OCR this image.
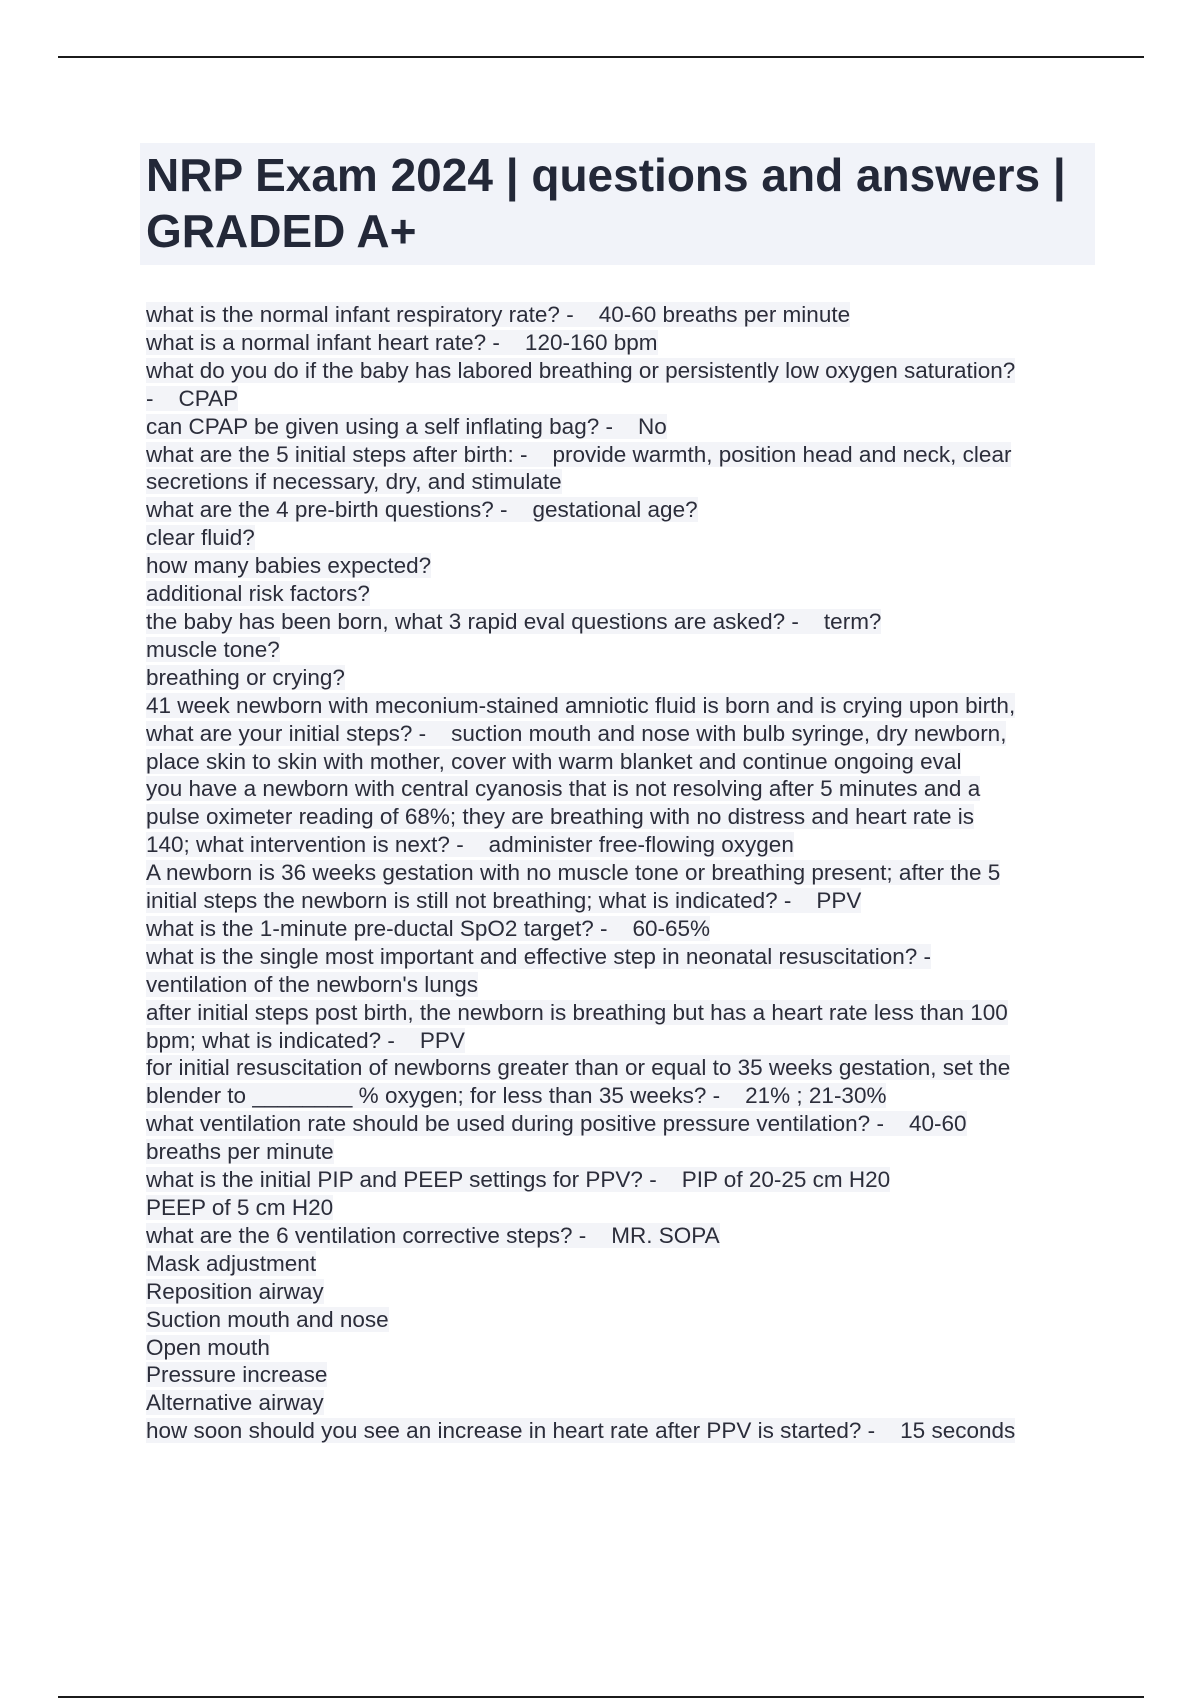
NRP Exam 2024 | questions and answers | GRADED A+
what is the normal infant respiratory rate? -    40-60 breaths per minute
what is a normal infant heart rate? -    120-160 bpm
what do you do if the baby has labored breathing or persistently low oxygen saturation?
-    CPAP
can CPAP be given using a self inflating bag? -    No
what are the 5 initial steps after birth: -    provide warmth, position head and neck, clear
secretions if necessary, dry, and stimulate
what are the 4 pre-birth questions? -    gestational age?
clear fluid?
how many babies expected?
additional risk factors?
the baby has been born, what 3 rapid eval questions are asked? -    term?
muscle tone?
breathing or crying?
41 week newborn with meconium-stained amniotic fluid is born and is crying upon birth,
what are your initial steps? -    suction mouth and nose with bulb syringe, dry newborn,
place skin to skin with mother, cover with warm blanket and continue ongoing eval
you have a newborn with central cyanosis that is not resolving after 5 minutes and a
pulse oximeter reading of 68%; they are breathing with no distress and heart rate is
140; what intervention is next? -    administer free-flowing oxygen
A newborn is 36 weeks gestation with no muscle tone or breathing present; after the 5
initial steps the newborn is still not breathing; what is indicated? -    PPV
what is the 1-minute pre-ductal SpO2 target? -    60-65%
what is the single most important and effective step in neonatal resuscitation? -
ventilation of the newborn's lungs
after initial steps post birth, the newborn is breathing but has a heart rate less than 100
bpm; what is indicated? -    PPV
for initial resuscitation of newborns greater than or equal to 35 weeks gestation, set the
blender to ________ % oxygen; for less than 35 weeks? -    21% ; 21-30%
what ventilation rate should be used during positive pressure ventilation? -    40-60
breaths per minute
what is the initial PIP and PEEP settings for PPV? -    PIP of 20-25 cm H20
PEEP of 5 cm H20
what are the 6 ventilation corrective steps? -    MR. SOPA
Mask adjustment
Reposition airway
Suction mouth and nose
Open mouth
Pressure increase
Alternative airway
how soon should you see an increase in heart rate after PPV is started? -    15 seconds
